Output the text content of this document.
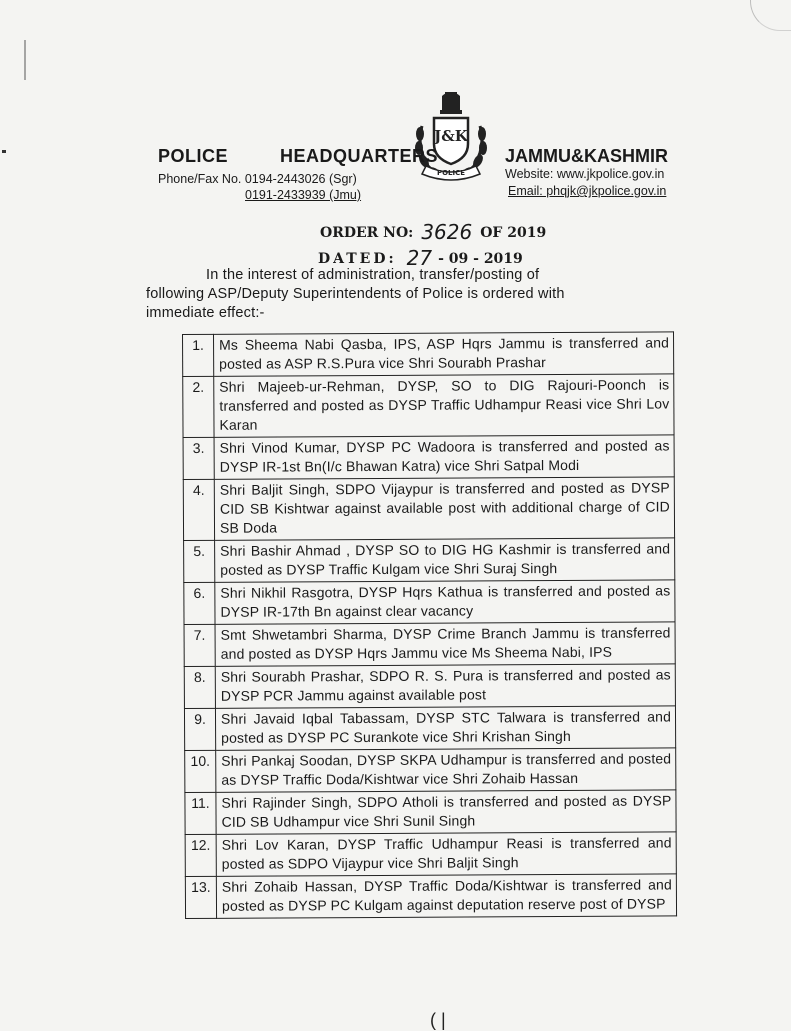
J&K
POLICE
POLICE	HEADQUARTERS	JAMMU&KASHMIR
Phone/Fax No. 0194-2443026 (Sgr)
0191-2433939 (Jmu)
Website: www.jkpolice.gov.in
Email: phqjk@jkpolice.gov.in
ORDER NO: 3626 OF 2019
DATED: 27 - 09 - 2019
In the interest of administration, transfer/posting of
following ASP/Deputy Superintendents of Police is ordered with
immediate effect:-
1.	Ms Sheema Nabi Qasba, IPS, ASP Hqrs Jammu is transferred and posted as ASP R.S.Pura vice Shri Sourabh Prashar
2.	Shri Majeeb-ur-Rehman, DYSP, SO to DIG Rajouri-Poonch is transferred and posted as DYSP Traffic Udhampur Reasi vice Shri Lov Karan
3.	Shri Vinod Kumar, DYSP PC Wadoora is transferred and posted as DYSP IR-1st Bn(I/c Bhawan Katra) vice Shri Satpal Modi
4.	Shri Baljit Singh, SDPO Vijaypur is transferred and posted as DYSP CID SB Kishtwar against available post with additional charge of CID SB Doda
5.	Shri Bashir Ahmad , DYSP SO to DIG HG Kashmir is transferred and posted as DYSP Traffic Kulgam vice Shri Suraj Singh
6.	Shri Nikhil Rasgotra, DYSP Hqrs Kathua is transferred and posted as DYSP IR-17th Bn against clear vacancy
7.	Smt Shwetambri Sharma, DYSP Crime Branch Jammu is transferred and posted as DYSP Hqrs Jammu vice Ms Sheema Nabi, IPS
8.	Shri Sourabh Prashar, SDPO R. S. Pura is transferred and posted as DYSP PCR Jammu against available post
9.	Shri Javaid Iqbal Tabassam, DYSP STC Talwara is transferred and posted as DYSP PC Surankote vice Shri Krishan Singh
10.	Shri Pankaj Soodan, DYSP SKPA Udhampur is transferred and posted as DYSP Traffic Doda/Kishtwar vice Shri Zohaib Hassan
11.	Shri Rajinder Singh, SDPO Atholi is transferred and posted as DYSP CID SB Udhampur vice Shri Sunil Singh
12.	Shri Lov Karan, DYSP Traffic Udhampur Reasi is transferred and posted as SDPO Vijaypur vice Shri Baljit Singh
13.	Shri Zohaib Hassan, DYSP Traffic Doda/Kishtwar is transferred and posted as DYSP PC Kulgam against deputation reserve post of DYSP
( |
